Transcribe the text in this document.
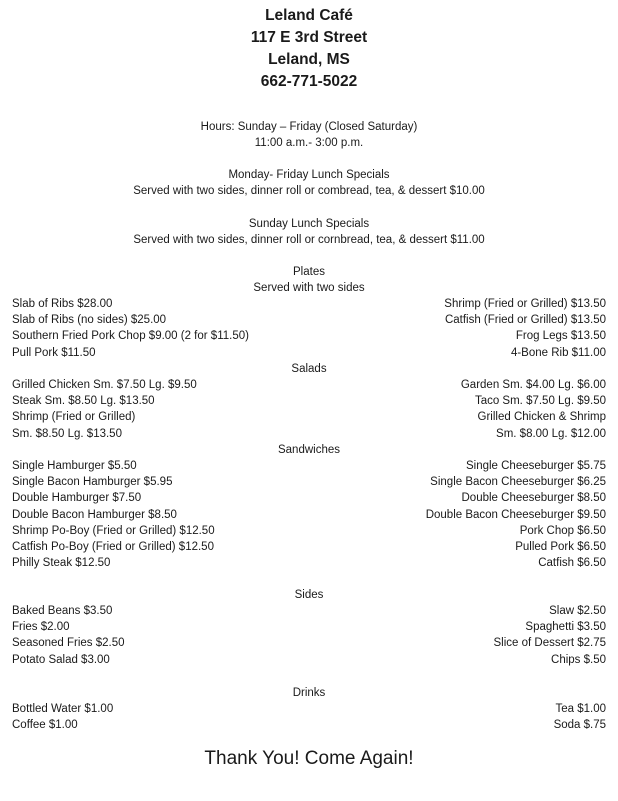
Leland Café
117 E 3rd Street
Leland, MS
662-771-5022
Hours: Sunday – Friday (Closed Saturday)
11:00 a.m.- 3:00 p.m.
Monday- Friday Lunch Specials
Served with two sides, dinner roll or combread, tea, & dessert $10.00
Sunday Lunch Specials
Served with two sides, dinner roll or cornbread, tea, & dessert $11.00
Plates
Served with two sides
Slab of Ribs $28.00
Slab of Ribs (no sides) $25.00
Southern Fried Pork Chop $9.00 (2 for $11.50)
Pull Pork $11.50
Shrimp (Fried or Grilled) $13.50
Catfish (Fried or Grilled) $13.50
Frog Legs $13.50
4-Bone Rib $11.00
Salads
Grilled Chicken Sm. $7.50 Lg. $9.50
Steak Sm. $8.50 Lg. $13.50
Shrimp (Fried or Grilled)
Sm. $8.50 Lg. $13.50
Garden Sm. $4.00 Lg. $6.00
Taco Sm. $7.50 Lg. $9.50
Grilled Chicken & Shrimp
Sm. $8.00 Lg. $12.00
Sandwiches
Single Hamburger $5.50
Single Bacon Hamburger $5.95
Double Hamburger $7.50
Double Bacon Hamburger $8.50
Shrimp Po-Boy (Fried or Grilled) $12.50
Catfish Po-Boy (Fried or Grilled) $12.50
Philly Steak $12.50
Single Cheeseburger $5.75
Single Bacon Cheeseburger $6.25
Double Cheeseburger $8.50
Double Bacon Cheeseburger $9.50
Pork Chop $6.50
Pulled Pork $6.50
Catfish $6.50
Sides
Baked Beans $3.50
Fries $2.00
Seasoned Fries $2.50
Potato Salad $3.00
Slaw $2.50
Spaghetti $3.50
Slice of Dessert $2.75
Chips $.50
Drinks
Bottled Water $1.00
Coffee $1.00
Tea $1.00
Soda $.75
Thank You! Come Again!
